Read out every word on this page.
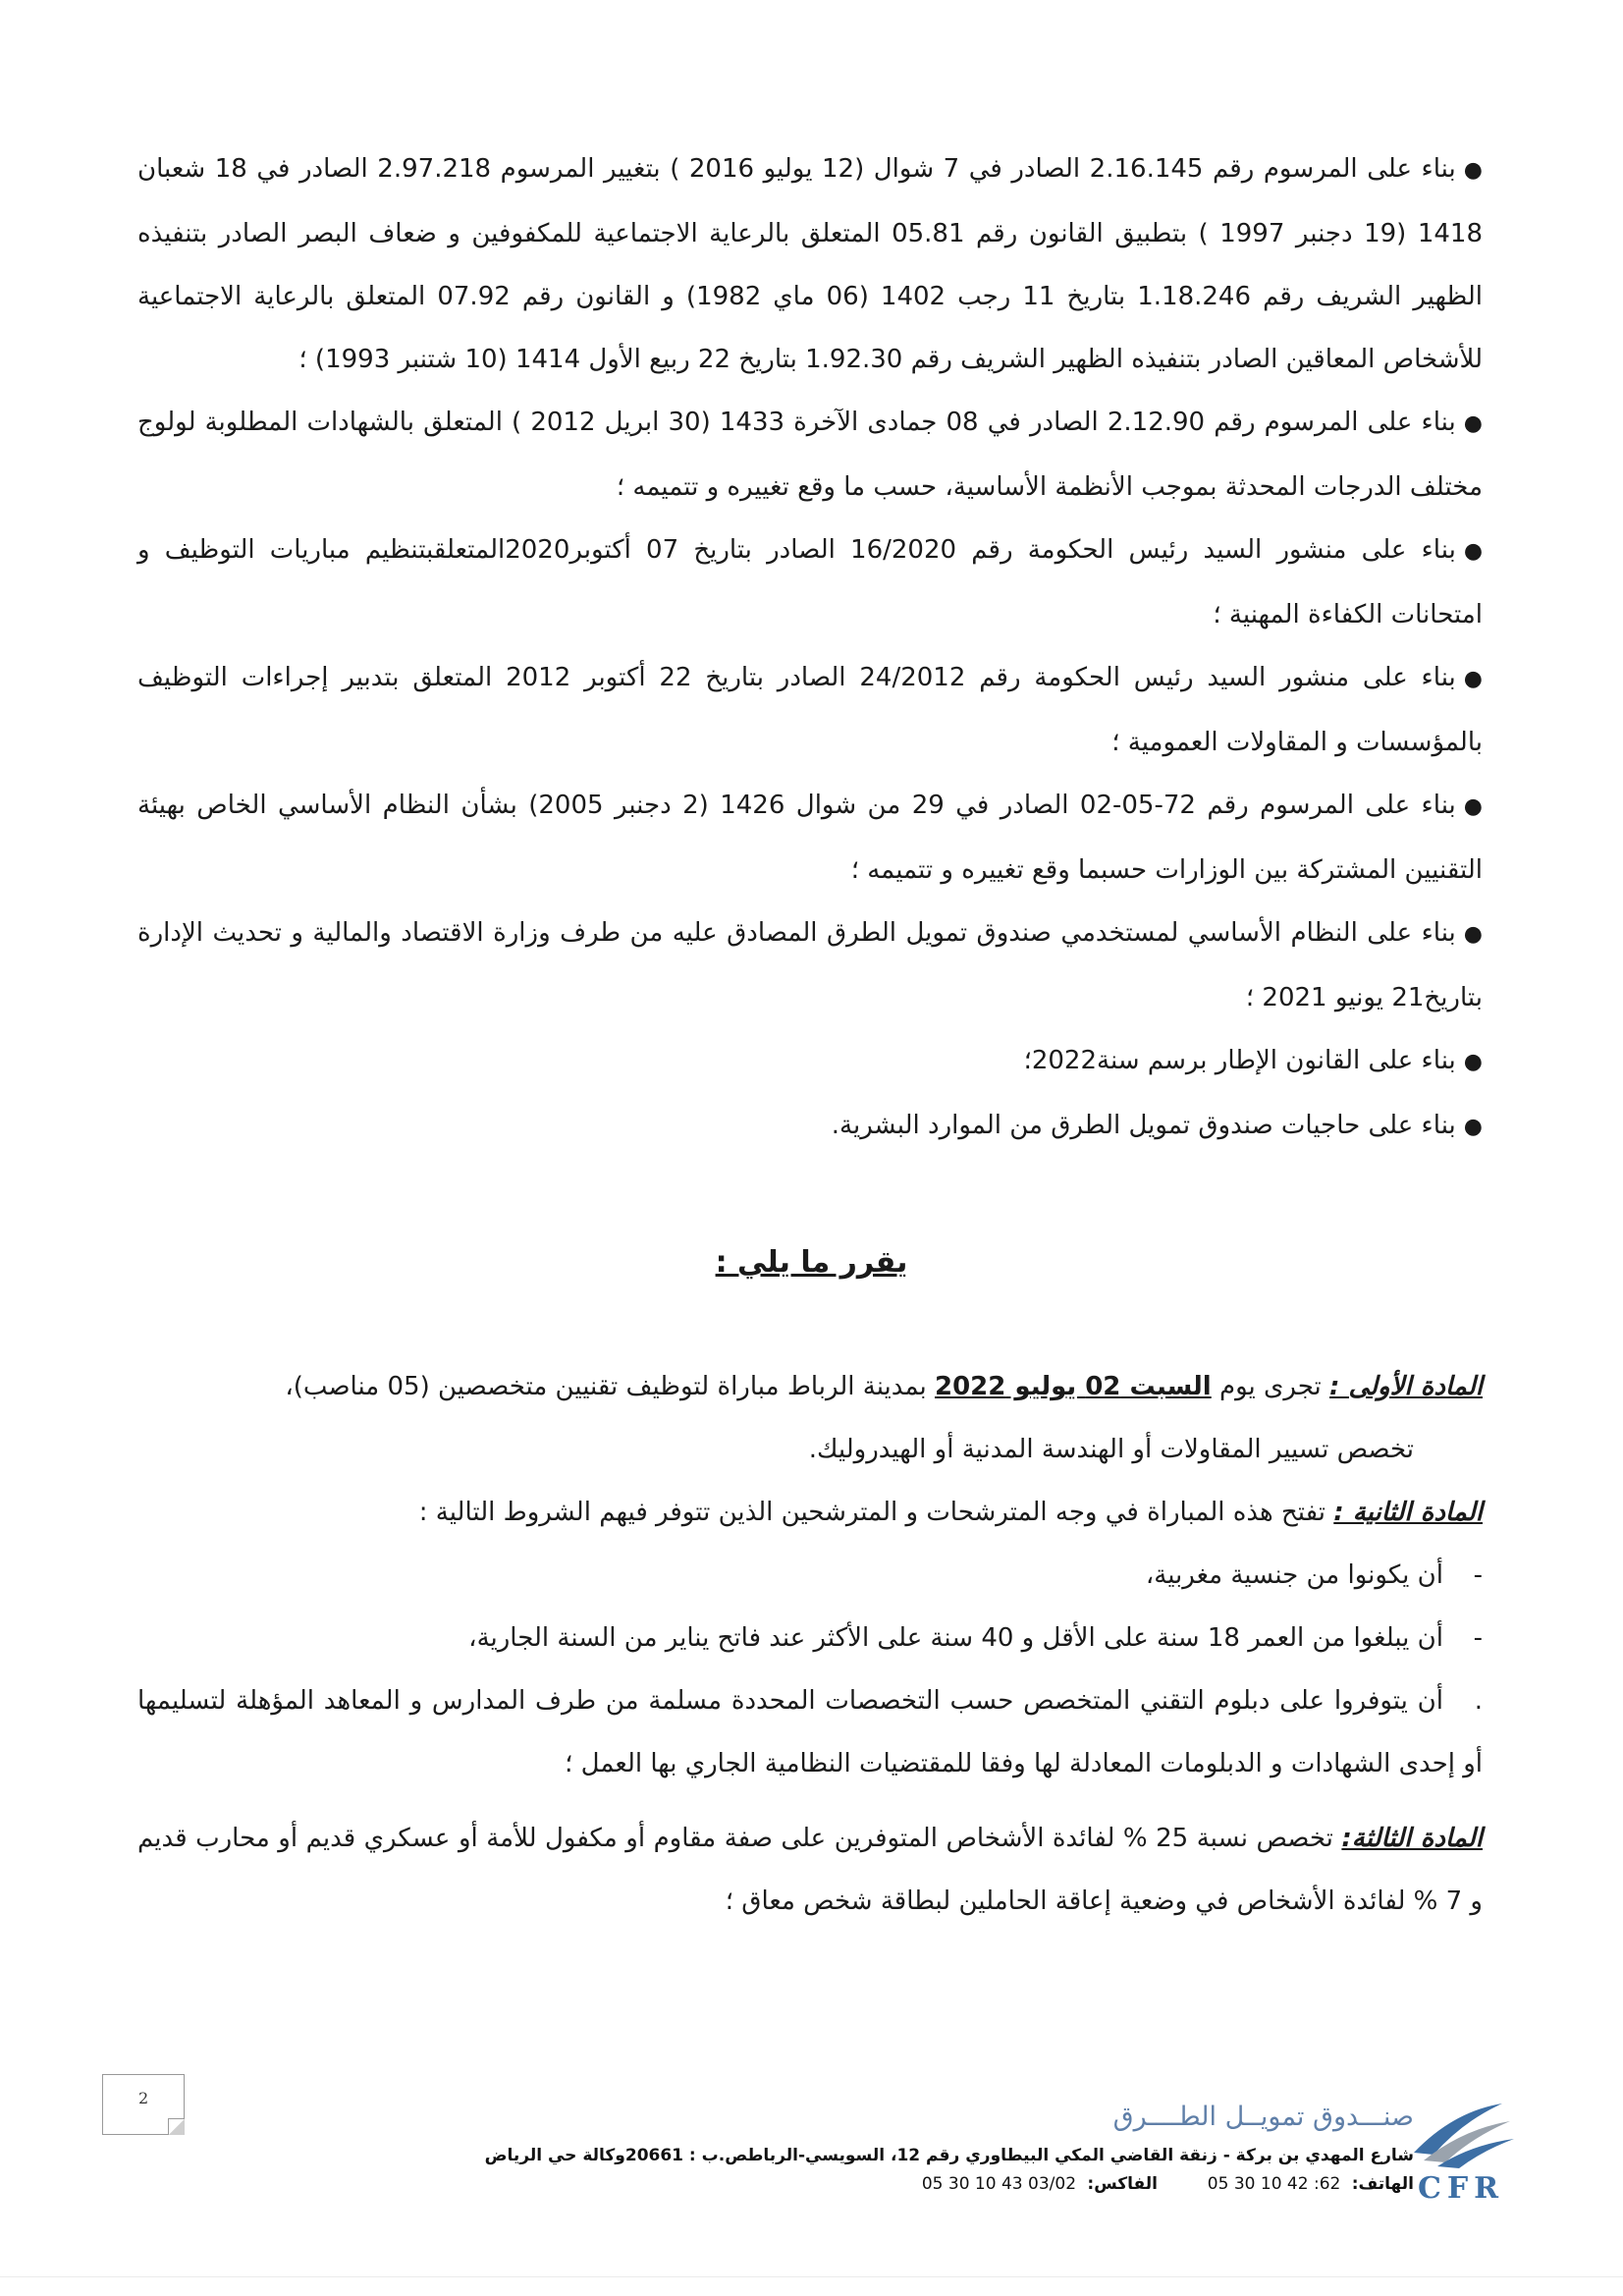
●بناء على المرسوم رقم 2.16.145 الصادر في 7 شوال (12 يوليو 2016 ) بتغيير المرسوم 2.97.218 الصادر في 18 شعبان 1418 (19 دجنبر 1997 ) بتطبيق القانون رقم 05.81 المتعلق بالرعاية الاجتماعية للمكفوفين و ضعاف البصر الصادر بتنفيذه الظهير الشريف رقم 1.18.246 بتاريخ 11 رجب 1402 (06 ماي 1982) و القانون رقم 07.92 المتعلق بالرعاية الاجتماعية للأشخاص المعاقين الصادر بتنفيذه الظهير الشريف رقم 1.92.30 بتاريخ 22 ربيع الأول 1414 (10 شتنبر 1993) ؛

●بناء على المرسوم رقم 2.12.90 الصادر في 08 جمادى الآخرة 1433 (30 ابريل 2012 ) المتعلق بالشهادات المطلوبة لولوج مختلف الدرجات المحدثة بموجب الأنظمة الأساسية، حسب ما وقع تغييره و تتميمه ؛

●بناء على منشور السيد رئيس الحكومة رقم 16/2020 الصادر بتاريخ 07 أكتوبر2020المتعلقبتنظيم مباريات التوظيف و امتحانات الكفاءة المهنية ؛

●بناء على منشور السيد رئيس الحكومة رقم 24/2012 الصادر بتاريخ 22 أكتوبر 2012 المتعلق بتدبير إجراءات التوظيف بالمؤسسات و المقاولات العمومية ؛

●بناء على المرسوم رقم 72-05-02 الصادر في 29 من شوال 1426 (2 دجنبر 2005) بشأن النظام الأساسي الخاص بهيئة التقنيين المشتركة بين الوزارات حسبما وقع تغييره و تتميمه ؛

●بناء على النظام الأساسي لمستخدمي صندوق تمويل الطرق المصادق عليه من طرف وزارة الاقتصاد والمالية و تحديث الإدارة بتاريخ21 يونيو 2021 ؛

●بناء على القانون الإطار برسم سنة2022؛

●بناء على حاجيات صندوق تمويل الطرق من الموارد البشرية.

يقرر ما يلي :

المادة الأولى : تجرى يوم السبت 02 يوليو 2022 بمدينة الرباط مباراة لتوظيف تقنيين متخصصين (05 مناصب)،

تخصص تسيير المقاولات أو الهندسة المدنية أو الهيدروليك.

المادة الثانية : تفتح هذه المباراة في وجه المترشحات و المترشحين الذين تتوفر فيهم الشروط التالية :

-أن يكونوا من جنسية مغربية،

-أن يبلغوا من العمر 18 سنة على الأقل و 40 سنة على الأكثر عند فاتح يناير من السنة الجارية،

.أن يتوفروا على دبلوم التقني المتخصص حسب التخصصات المحددة مسلمة من طرف المدارس و المعاهد المؤهلة لتسليمها أو إحدى الشهادات و الدبلومات المعادلة لها وفقا للمقتضيات النظامية الجاري بها العمل ؛

المادة الثالثة: تخصص نسبة 25 % لفائدة الأشخاص المتوفرين على صفة مقاوم أو مكفول للأمة أو عسكري قديم أو محارب قديم و 7 % لفائدة الأشخاص في وضعية إعاقة الحاملين لبطاقة شخص معاق ؛

2
صنـــدوق تمويــل الطــــرق
شارع المهدي بن بركة - زنقة القاضي المكي البيطاوري رقم 12، السويسي-الرباطص.ب : 20661وكالة حي الرياض
الهاتف: 62: 42 10 30 05  الفاكس: 03/02 43 10 30 05	CFR
